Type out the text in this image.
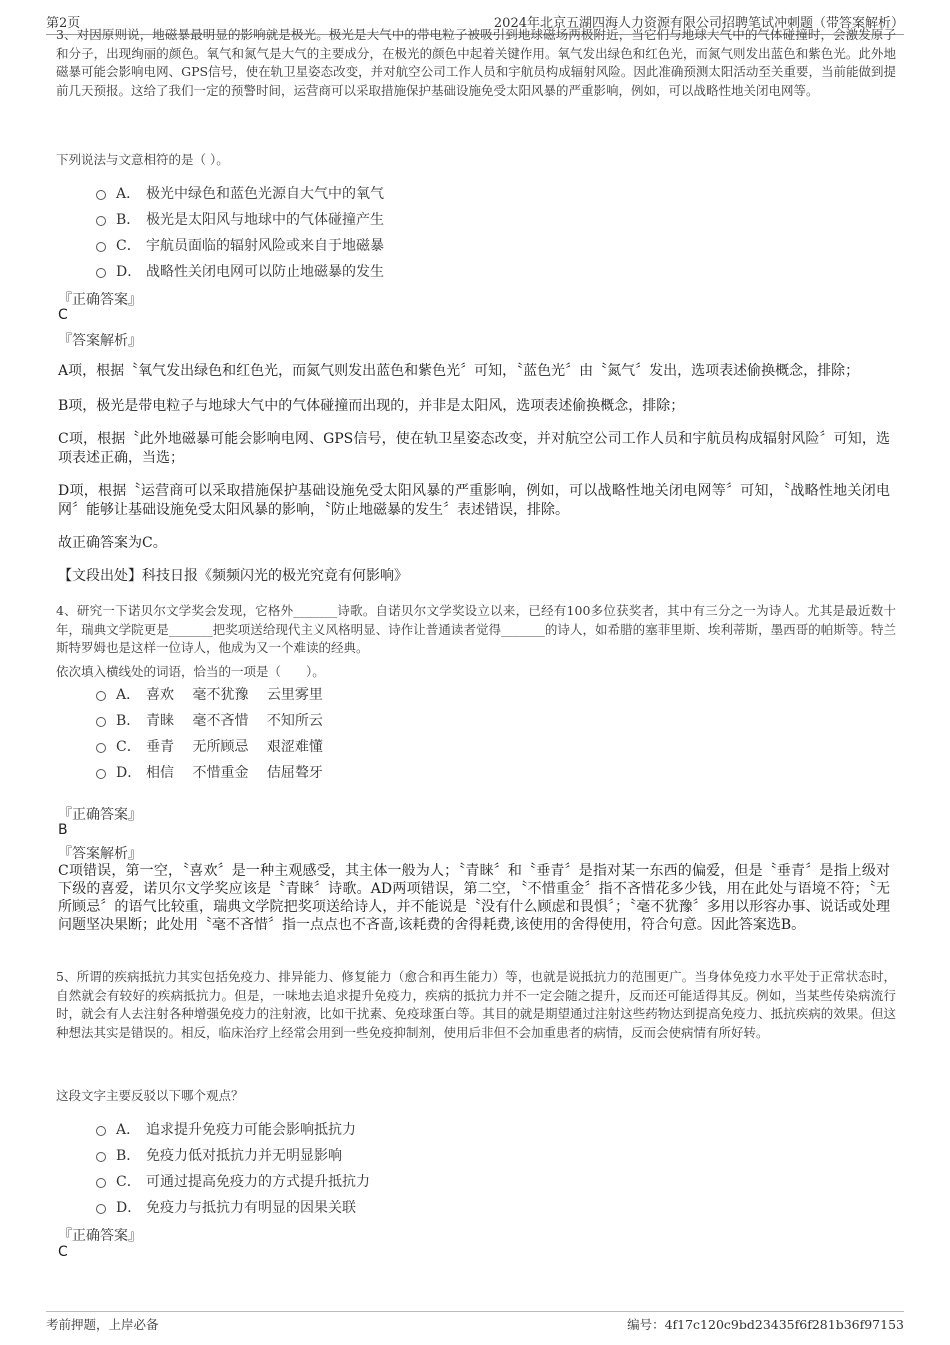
第2页	2024年北京五湖四海人力资源有限公司招聘笔试冲刺题（带答案解析）
3、对因原则说，地磁暴最明显的影响就是极光。极光是大气中的带电粒子被吸引到地球磁场两极附近，当它们与地球大气中的气体碰撞时，会激发原子和分子，出现绚丽的颜色。氧气和氮气是大气的主要成分，在极光的颜色中起着关键作用。氧气发出绿色和红色光，而氮气则发出蓝色和紫色光。此外地磁暴可能会影响电网、GPS信号，使在轨卫星姿态改变，并对航空公司工作人员和宇航员构成辐射风险。因此准确预测太阳活动至关重要，当前能做到提前几天预报。这给了我们一定的预警时间，运营商可以采取措施保护基础设施免受太阳风暴的严重影响，例如，可以战略性地关闭电网等。
下列说法与文意相符的是（ ）。
A． 极光中绿色和蓝色光源自大气中的氧气
B． 极光是太阳风与地球中的气体碰撞产生
C． 宇航员面临的辐射风险或来自于地磁暴
D． 战略性关闭电网可以防止地磁暴的发生
『正确答案』
C
『答案解析』

A项，根据〝氧气发出绿色和红色光，而氮气则发出蓝色和紫色光〞可知，〝蓝色光〞由〝氮气〞发出，选项表述偷换概念，排除；

B项，极光是带电粒子与地球大气中的气体碰撞而出现的，并非是太阳风，选项表述偷换概念，排除；

C项，根据〝此外地磁暴可能会影响电网、GPS信号，使在轨卫星姿态改变，并对航空公司工作人员和宇航员构成辐射风险〞可知，选项表述正确，当选；

D项，根据〝运营商可以采取措施保护基础设施免受太阳风暴的严重影响，例如，可以战略性地关闭电网等〞可知，〝战略性地关闭电网〞能够让基础设施免受太阳风暴的影响，〝防止地磁暴的发生〞表述错误，排除。

故正确答案为C。

【文段出处】科技日报《频频闪光的极光究竟有何影响》

4、研究一下诺贝尔文学奖会发现，它格外_______诗歌。自诺贝尔文学奖设立以来，已经有100多位获奖者，其中有三分之一为诗人。尤其是最近数十年，瑞典文学院更是_______把奖项送给现代主义风格明显、诗作让普通读者觉得_______的诗人，如希腊的塞菲里斯、埃利蒂斯，墨西哥的帕斯等。特兰斯特罗姆也是这样一位诗人，他成为又一个难读的经典。

依次填入横线处的词语，恰当的一项是（　　）。
A． 喜欢　 毫不犹豫　 云里雾里
B． 青睐　 毫不吝惜　 不知所云
C． 垂青　 无所顾忌　 艰涩难懂
D． 相信　 不惜重金　 佶屈聱牙
『正确答案』
B
『答案解析』

C项错误，第一空，〝喜欢〞是一种主观感受，其主体一般为人；〝青睐〞和〝垂青〞是指对某一东西的偏爱，但是〝垂青〞是指上级对下级的喜爱，诺贝尔文学奖应该是〝青睐〞诗歌。AD两项错误，第二空，〝不惜重金〞指不吝惜花多少钱，用在此处与语境不符；〝无所顾忌〞的语气比较重，瑞典文学院把奖项送给诗人，并不能说是〝没有什么顾虑和畏惧〞；〝毫不犹豫〞多用以形容办事、说话或处理问题坚决果断；此处用〝毫不吝惜〞指一点点也不吝啬,该耗费的舍得耗费,该使用的舍得使用，符合句意。因此答案选B。

5、所谓的疾病抵抗力其实包括免疫力、排异能力、修复能力（愈合和再生能力）等，也就是说抵抗力的范围更广。当身体免疫力水平处于正常状态时，自然就会有较好的疾病抵抗力。但是，一味地去追求提升免疫力，疾病的抵抗力并不一定会随之提升，反而还可能适得其反。例如，当某些传染病流行时，就会有人去注射各种增强免疫力的注射液，比如干扰素、免疫球蛋白等。其目的就是期望通过注射这些药物达到提高免疫力、抵抗疾病的效果。但这种想法其实是错误的。相反，临床治疗上经常会用到一些免疫抑制剂，使用后非但不会加重患者的病情，反而会使病情有所好转。

这段文字主要反驳以下哪个观点？
A． 追求提升免疫力可能会影响抵抗力
B． 免疫力低对抵抗力并无明显影响
C． 可通过提高免疫力的方式提升抵抗力
D． 免疫力与抵抗力有明显的因果关联
『正确答案』
C
考前押题，上岸必备	编号：4f17c120c9bd23435f6f281b36f97153
